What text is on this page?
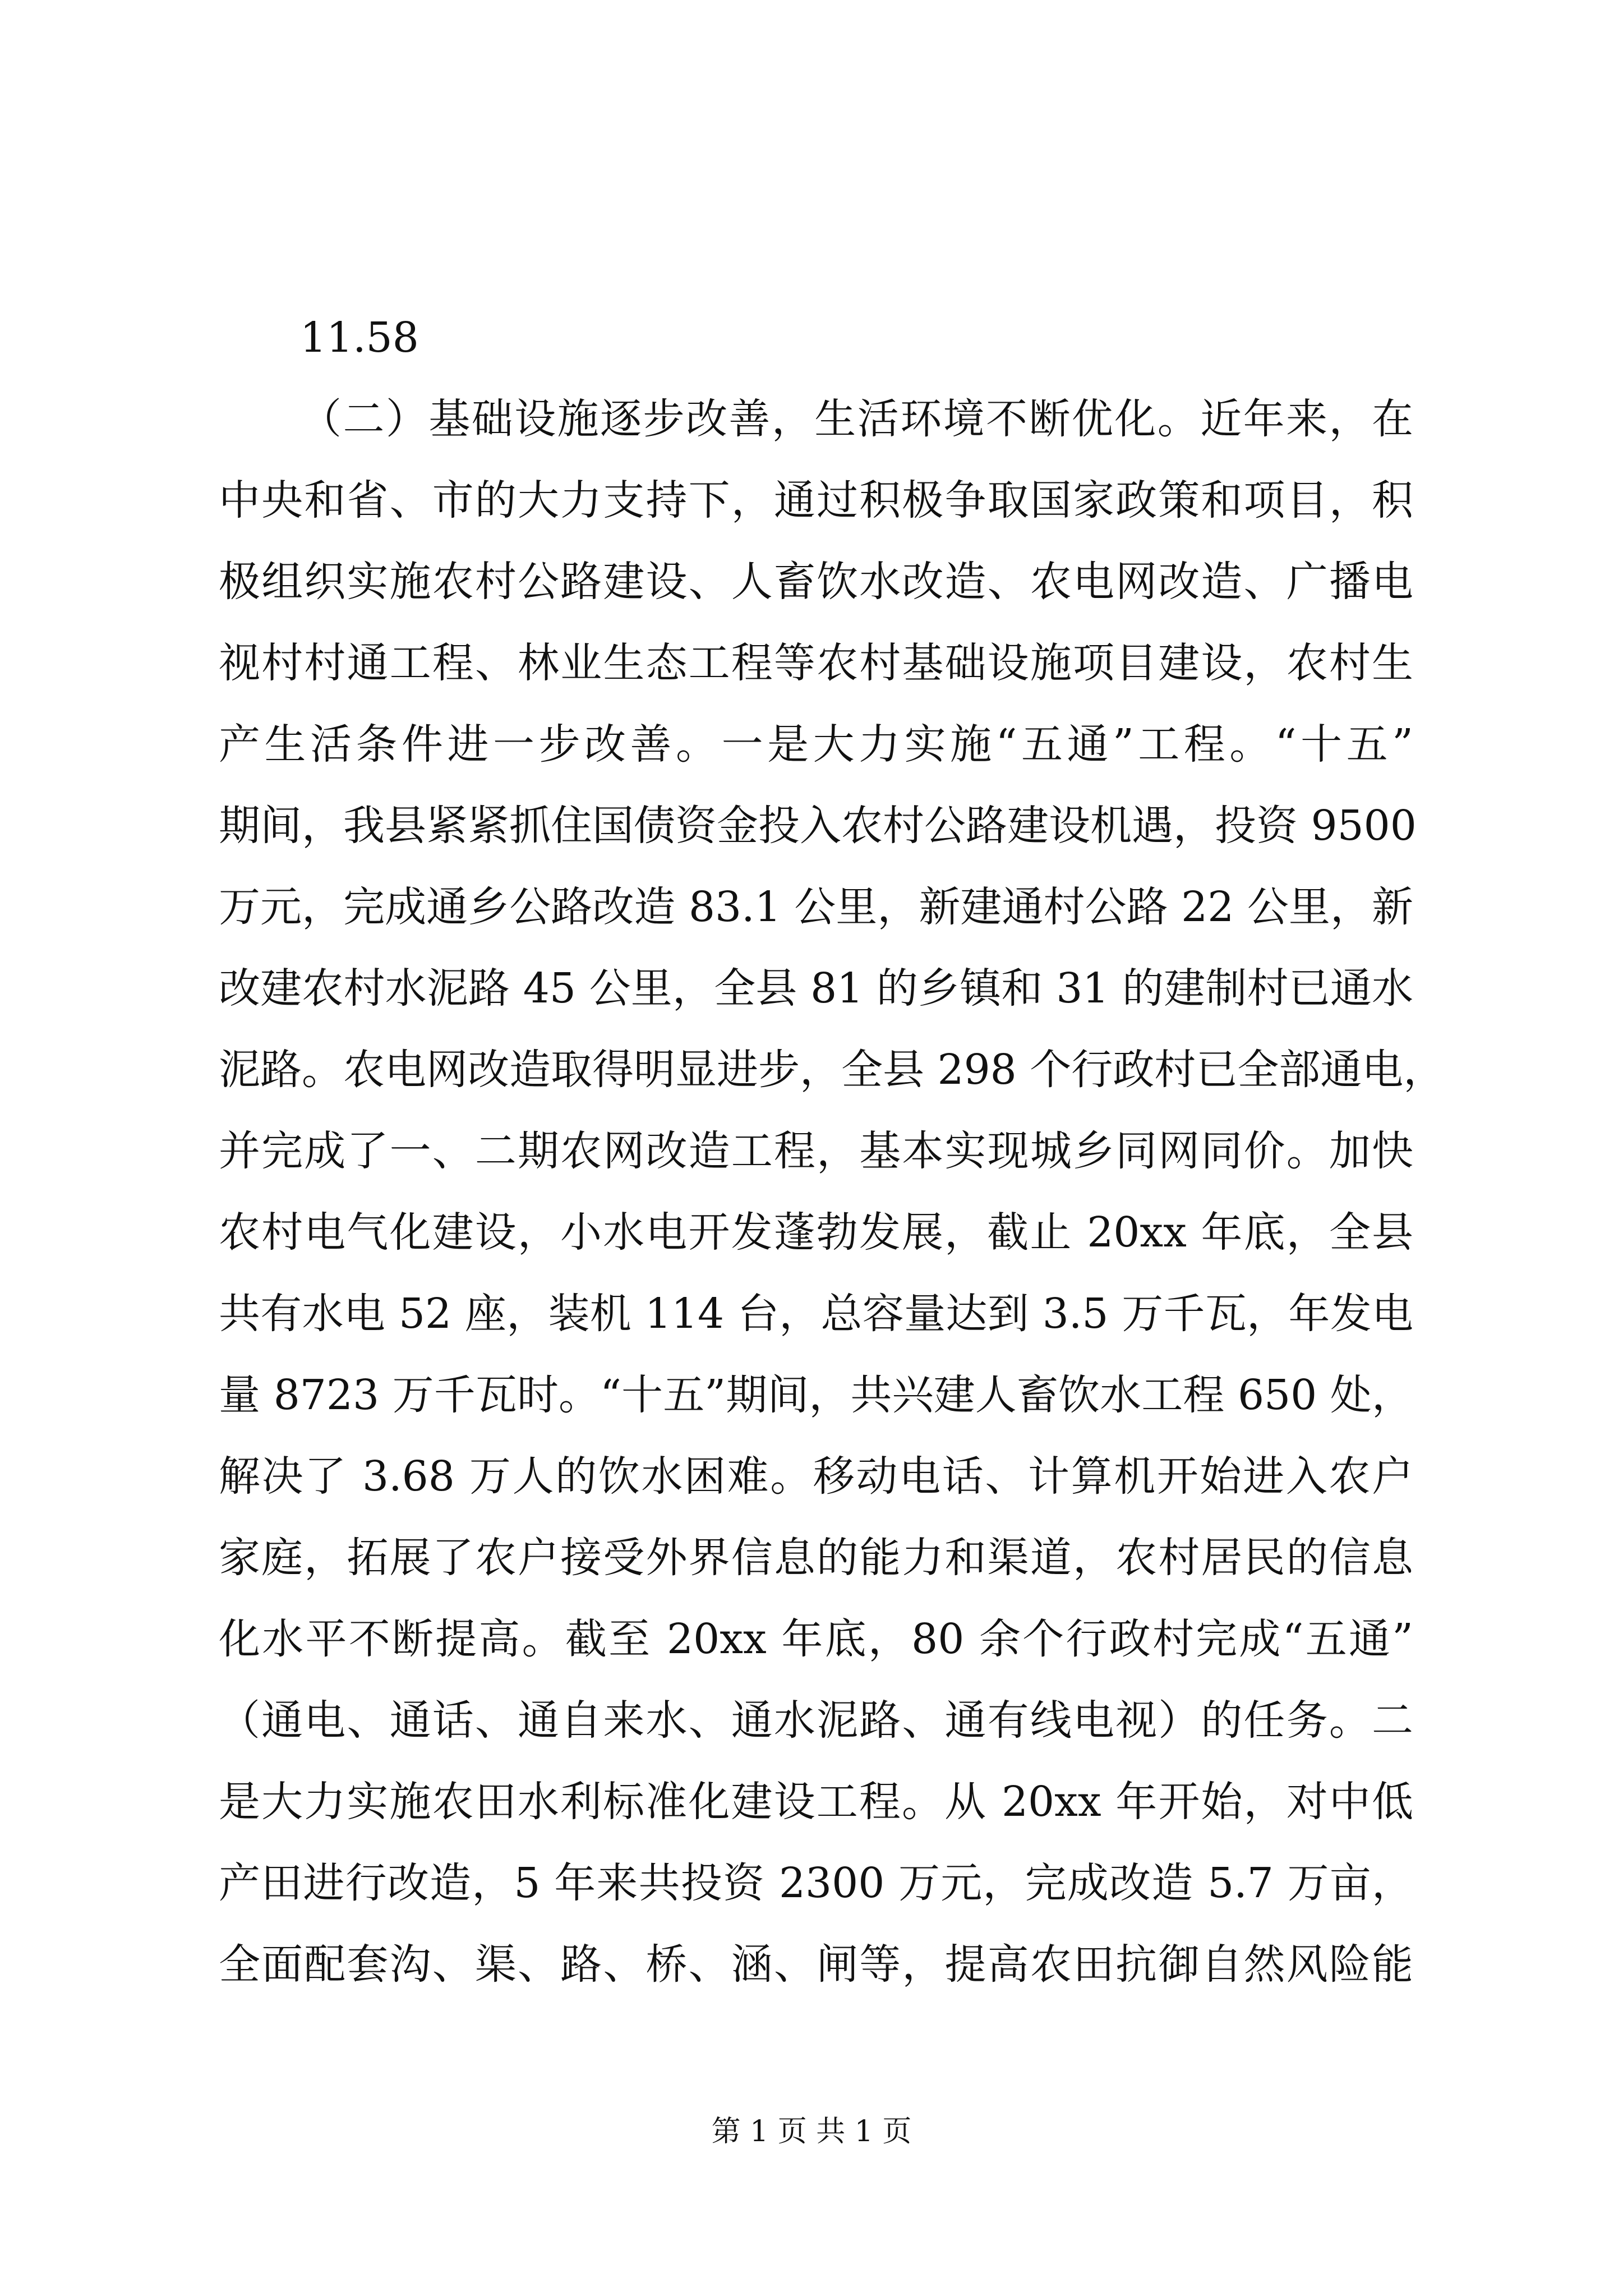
11.58
（二）基础设施逐步改善，生活环境不断优化。近年来，在
中央和省、市的大力支持下，通过积极争取国家政策和项目，积
极组织实施农村公路建设、人畜饮水改造、农电网改造、广播电
视村村通工程、林业生态工程等农村基础设施项目建设，农村生
产生活条件进一步改善。一是大力实施“五通”工程。“十五”
期间，我县紧紧抓住国债资金投入农村公路建设机遇，投资 9500
万元，完成通乡公路改造 83.1 公里，新建通村公路 22 公里，新
改建农村水泥路 45 公里，全县 81 的乡镇和 31 的建制村已通水
泥路。农电网改造取得明显进步，全县 298 个行政村已全部通电，
并完成了一、二期农网改造工程，基本实现城乡同网同价。加快
农村电气化建设，小水电开发蓬勃发展，截止 20xx 年底，全县
共有水电 52 座，装机 114 台，总容量达到 3.5 万千瓦，年发电
量 8723 万千瓦时。“十五”期间，共兴建人畜饮水工程 650 处，
解决了 3.68 万人的饮水困难。移动电话、计算机开始进入农户
家庭，拓展了农户接受外界信息的能力和渠道，农村居民的信息
化水平不断提高。截至 20xx 年底，80 余个行政村完成“五通”
（通电、通话、通自来水、通水泥路、通有线电视）的任务。二
是大力实施农田水利标准化建设工程。从 20xx 年开始，对中低
产田进行改造，5 年来共投资 2300 万元，完成改造 5.7 万亩，
全面配套沟、渠、路、桥、涵、闸等，提高农田抗御自然风险能
第 1 页 共 1 页
